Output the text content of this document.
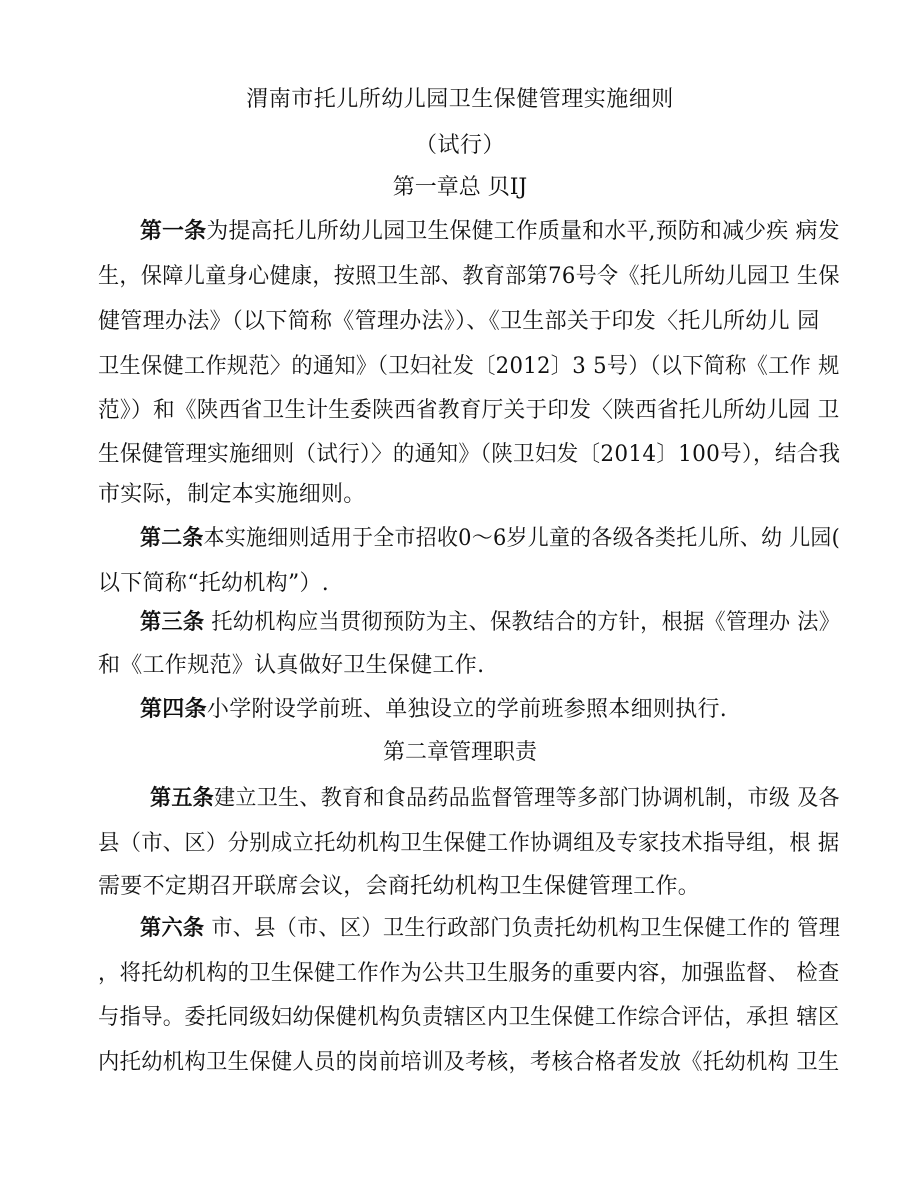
渭南市托儿所幼儿园卫生保健管理实施细则
（试行）
第一章总 贝IJ
第一条为提高托儿所幼儿园卫生保健工作质量和水平,预防和减少疾 病发
生，保障儿童身心健康，按照卫生部、教育部第76号令《托儿所幼儿园卫 生保
健管理办法》（以下简称《管理办法》）、《卫生部关于印发〈托儿所幼儿 园
卫生保健工作规范〉的通知》（卫妇社发〔2012〕3 5号）（以下简称《工作 规
范》）和《陕西省卫生计生委陕西省教育厅关于印发〈陕西省托儿所幼儿园 卫
生保健管理实施细则（试行）〉的通知》（陕卫妇发〔2014〕100号），结合我
市实际，制定本实施细则。
第二条本实施细则适用于全市招收0〜6岁儿童的各级各类托儿所、幼 儿园(
以下简称“托幼机构”）.
第三条 托幼机构应当贯彻预防为主、保教结合的方针，根据《管理办 法》
和《工作规范》认真做好卫生保健工作.
第四条小学附设学前班、单独设立的学前班参照本细则执行.
第二章管理职责
第五条建立卫生、教育和食品药品监督管理等多部门协调机制，市级 及各
县（市、区）分别成立托幼机构卫生保健工作协调组及专家技术指导组，根 据
需要不定期召开联席会议，会商托幼机构卫生保健管理工作。
第六条 市、县（市、区）卫生行政部门负责托幼机构卫生保健工作的 管理
，将托幼机构的卫生保健工作作为公共卫生服务的重要内容，加强监督、 检查
与指导。委托同级妇幼保健机构负责辖区内卫生保健工作综合评估，承担 辖区
内托幼机构卫生保健人员的岗前培训及考核，考核合格者发放《托幼机构 卫生
